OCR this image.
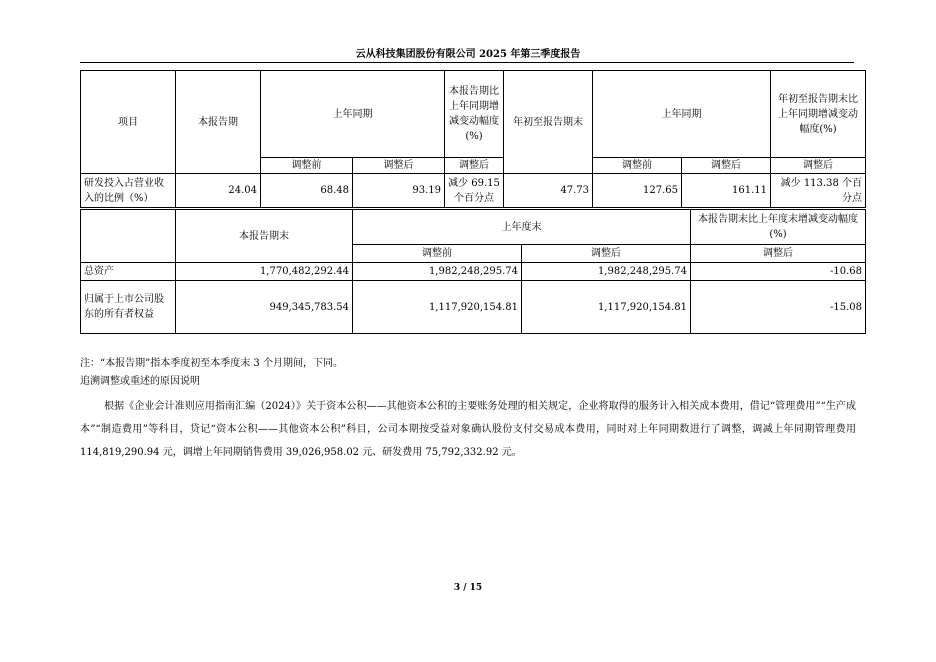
云从科技集团股份有限公司 2025 年第三季度报告
项目	本报告期	上年同期		本报告期比上年同期增减变动幅度(%)	年初至报告期末	上年同期		年初至报告期末比上年同期增减变动幅度(%)
		调整前	调整后	调整后		调整前	调整后	调整后
研发投入占营业收入的比例（%）	24.04	68.48	93.19	减少 69.15 个百分点	47.73	127.65	161.11	减少 113.38 个百分点
	本报告期末	上年度末		本报告期末比上年度末增减变动幅度(%)
		调整前	调整后	调整后
总资产	1,770,482,292.44	1,982,248,295.74	1,982,248,295.74	-10.68
归属于上市公司股东的所有者权益	949,345,783.54	1,117,920,154.81	1,117,920,154.81	-15.08
注：“本报告期”指本季度初至本季度末 3 个月期间，下同。
追溯调整或重述的原因说明
根据《企业会计准则应用指南汇编（2024）》关于资本公积——其他资本公积的主要账务处理的相关规定，企业将取得的服务计入相关成本费用，借记“管理费用”“生产成本”“制造费用”等科目，贷记“资本公积——其他资本公积”科目，公司本期按受益对象确认股份支付交易成本费用，同时对上年同期数进行了调整，调减上年同期管理费用 114,819,290.94 元，调增上年同期销售费用 39,026,958.02 元、研发费用 75,792,332.92 元。
3 / 15
